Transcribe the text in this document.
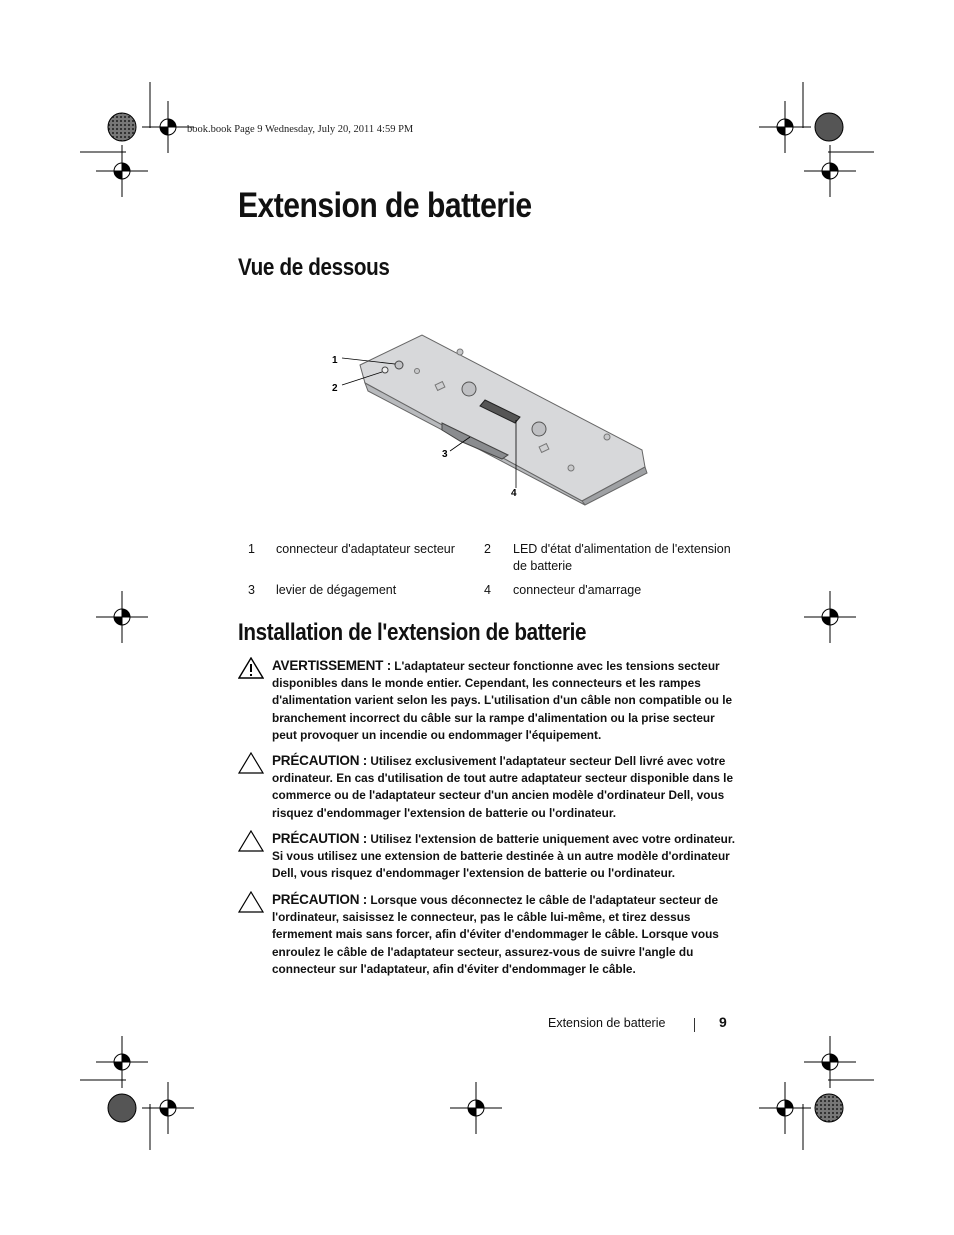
book.book Page 9 Wednesday, July 20, 2011 4:59 PM
Extension de batterie
Vue de dessous
1
2
3
4
1	connecteur d'adaptateur secteur 2	LED d'état d'alimentation de l'extension
de batterie
3	levier de dégagement	4	connecteur d'amarrage
Installation de l'extension de batterie
AVERTISSEMENT : L'adaptateur secteur fonctionne avec les tensions secteur
disponibles dans le monde entier. Cependant, les connecteurs et les rampes
d'alimentation varient selon les pays. L'utilisation d'un câble non compatible ou le
branchement incorrect du câble sur la rampe d'alimentation ou la prise secteur
peut provoquer un incendie ou endommager l'équipement.
PRÉCAUTION : Utilisez exclusivement l'adaptateur secteur Dell livré avec votre
ordinateur. En cas d'utilisation de tout autre adaptateur secteur disponible dans le
commerce ou de l'adaptateur secteur d'un ancien modèle d'ordinateur Dell, vous
risquez d'endommager l'extension de batterie ou l'ordinateur.
PRÉCAUTION : Utilisez l'extension de batterie uniquement avec votre ordinateur.
Si vous utilisez une extension de batterie destinée à un autre modèle d'ordinateur
Dell, vous risquez d'endommager l'extension de batterie ou l'ordinateur.
PRÉCAUTION : Lorsque vous déconnectez le câble de l'adaptateur secteur de
l'ordinateur, saisissez le connecteur, pas le câble lui-même, et tirez dessus
fermement mais sans forcer, afin d'éviter d'endommager le câble. Lorsque vous
enroulez le câble de l'adaptateur secteur, assurez-vous de suivre l'angle du
connecteur sur l'adaptateur, afin d'éviter d'endommager le câble.
Extension de batterie	9
